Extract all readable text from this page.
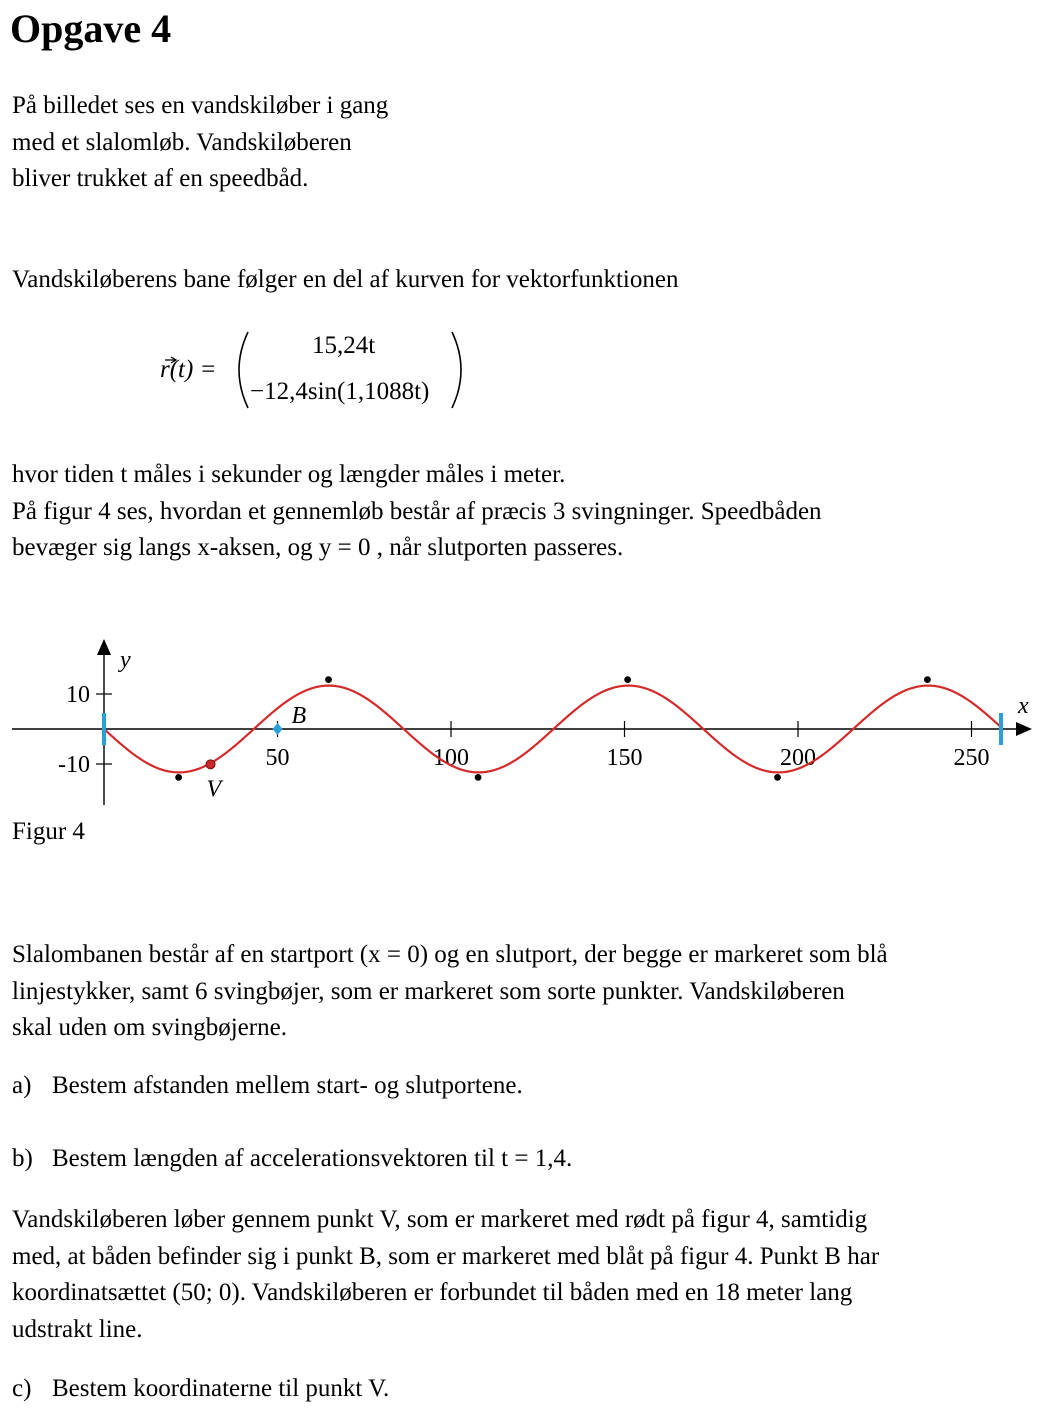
Opgave 4
På billedet ses en vandskiløber i gang
med et slalomløb. Vandskiløberen
bliver trukket af en speedbåd.
Vandskiløberens bane følger en del af kurven for vektorfunktionen
r(t) =
15,24t
−12,4sin(1,1088t)
hvor tiden t måles i sekunder og længder måles i meter.
På figur 4 ses, hvordan et gennemløb består af præcis 3 svingninger. Speedbåden
bevæger sig langs x-aksen, og y = 0 , når slutporten passeres.
x
y
50	100	150	200	250
10
-10
V
B
Figur 4
Slalombanen består af en startport (x = 0) og en slutport, der begge er markeret som blå
linjestykker, samt 6 svingbøjer, som er markeret som sorte punkter. Vandskiløberen
skal uden om svingbøjerne.
a) Bestem afstanden mellem start- og slutportene.
b) Bestem længden af accelerationsvektoren til t = 1,4.
Vandskiløberen løber gennem punkt V, som er markeret med rødt på figur 4, samtidig
med, at båden befinder sig i punkt B, som er markeret med blåt på figur 4. Punkt B har
koordinatsættet (50; 0). Vandskiløberen er forbundet til båden med en 18 meter lang
udstrakt line.
c) Bestem koordinaterne til punkt V.
